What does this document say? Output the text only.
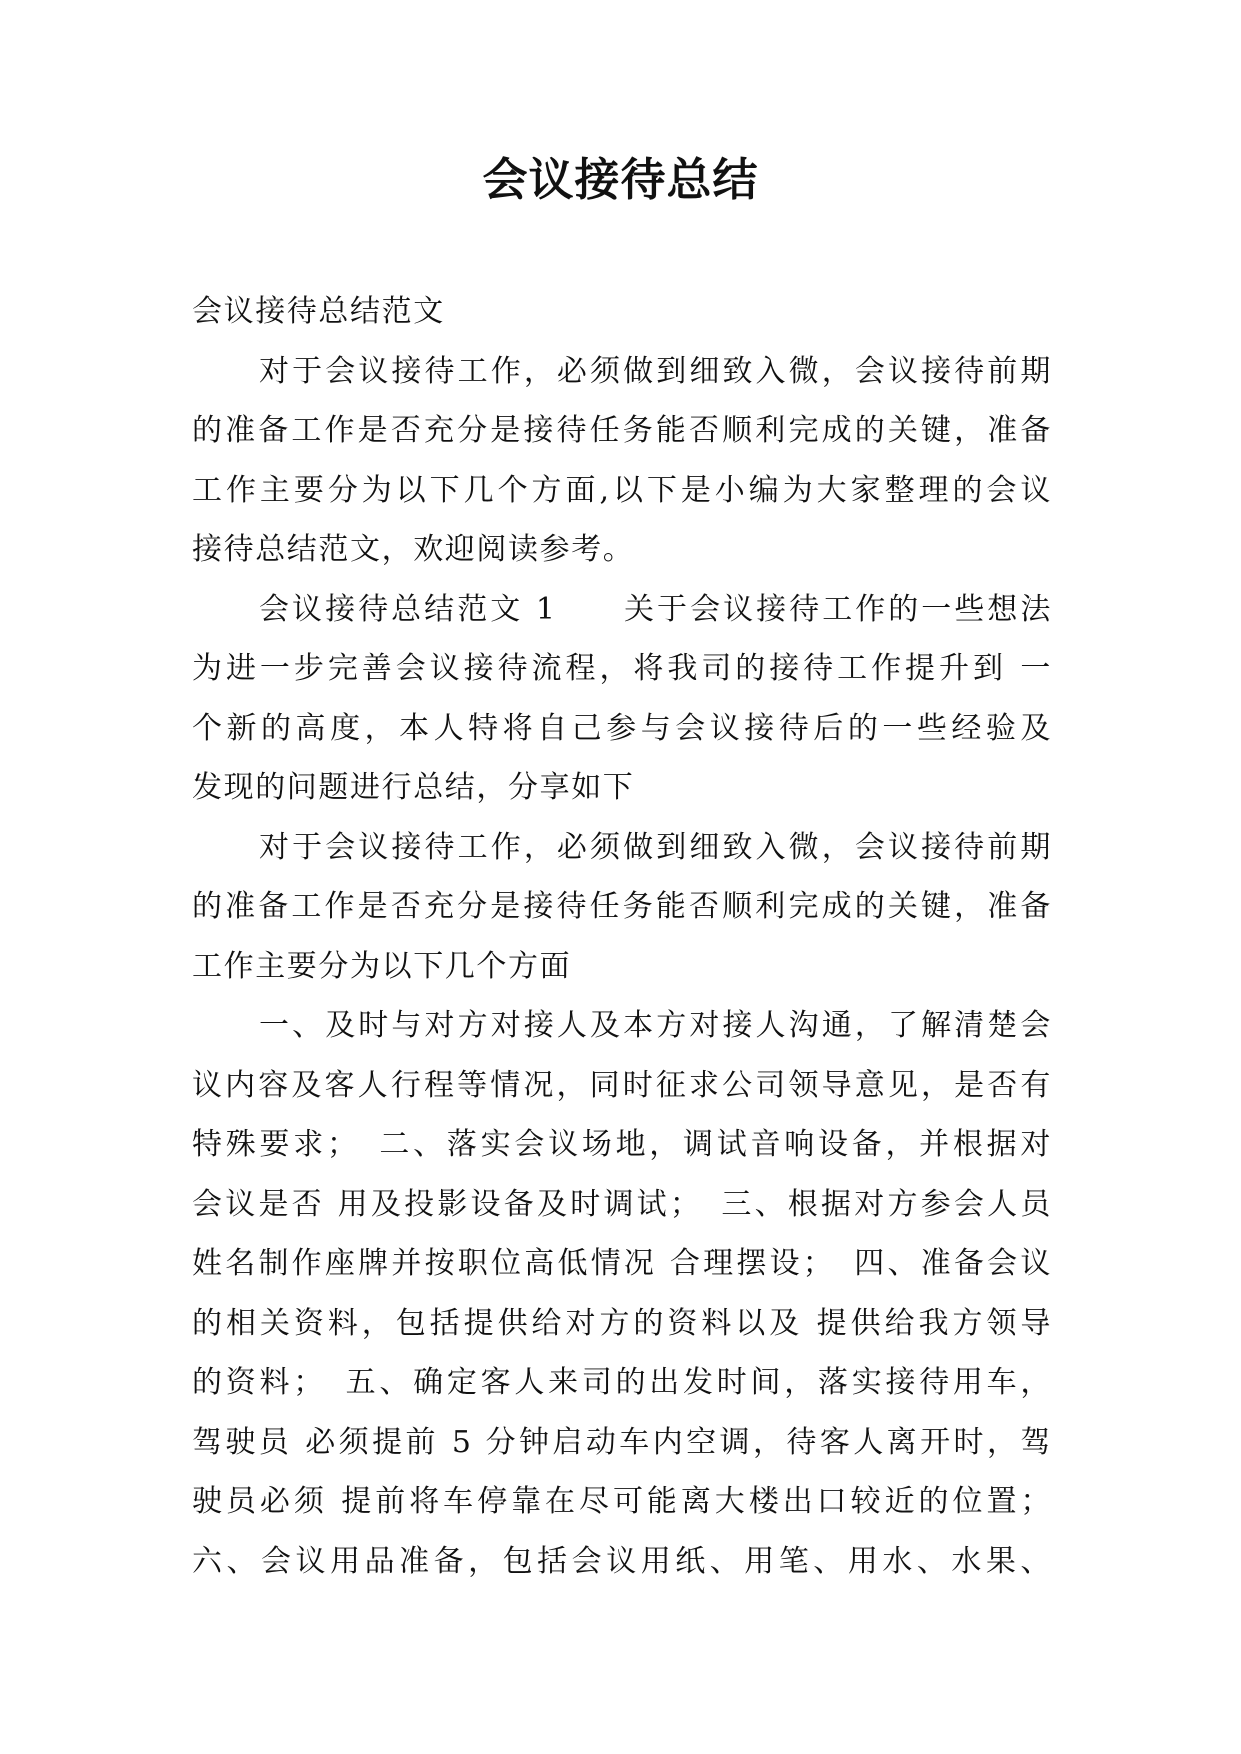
会议接待总结
会议接待总结范文
对于会议接待工作，必须做到细致入微，会议接待前期
的准备工作是否充分是接待任务能否顺利完成的关键，准备
工作主要分为以下几个方面,以下是小编为大家整理的会议
接待总结范文，欢迎阅读参考。
会议接待总结范文 1　　关于会议接待工作的一些想法
为进一步完善会议接待流程，将我司的接待工作提升到 一
个新的高度，本人特将自己参与会议接待后的一些经验及
发现的问题进行总结，分享如下
对于会议接待工作，必须做到细致入微，会议接待前期
的准备工作是否充分是接待任务能否顺利完成的关键，准备
工作主要分为以下几个方面
一、及时与对方对接人及本方对接人沟通，了解清楚会
议内容及客人行程等情况，同时征求公司领导意见，是否有
特殊要求；　二、落实会议场地，调试音响设备，并根据对
会议是否 用及投影设备及时调试；　三、根据对方参会人员
姓名制作座牌并按职位高低情况 合理摆设；　四、准备会议
的相关资料，包括提供给对方的资料以及 提供给我方领导
的资料；　五、确定客人来司的出发时间，落实接待用车，
驾驶员 必须提前 5 分钟启动车内空调，待客人离开时，驾
驶员必须 提前将车停靠在尽可能离大楼出口较近的位置；
六、会议用品准备，包括会议用纸、用笔、用水、水果、
